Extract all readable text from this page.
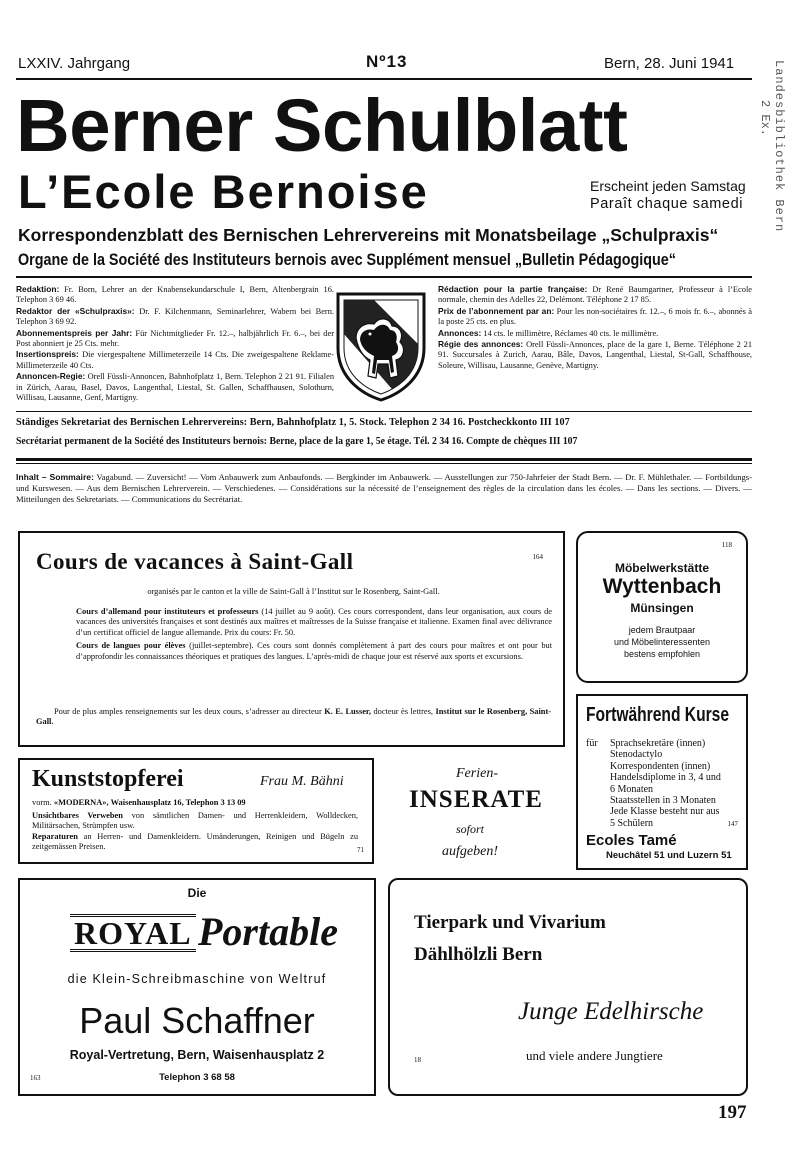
LXXIV. Jahrgang	Nº13	Bern, 28. Juni 1941
Berner Schulblatt
L’Ecole Bernoise	Erscheint jeden Samstag
Paraît chaque samedi
Korrespondenzblatt des Bernischen Lehrervereins mit Monatsbeilage „Schulpraxis“
Organe de la Société des Instituteurs bernois avec Supplément mensuel „Bulletin Pédagogique“
Landesbibliothek Bern
2 Ex.

Redaktion: Fr. Born, Lehrer an der Knabensekundarschule I, Bern, Altenbergrain 16. Telephon 3 69 46.

Redaktor der «Schulpraxis»: Dr. F. Kilchenmann, Seminarlehrer, Wabern bei Bern. Telephon 3 69 92.

Abonnementspreis per Jahr: Für Nichtmitglieder Fr. 12.–, halbjährlich Fr. 6.–, bei der Post abonniert je 25 Cts. mehr.

Insertionspreis: Die viergespaltene Millimeterzeile 14 Cts. Die zweigespaltene Reklame-Millimeterzeile 40 Cts.

Annoncen-Regie: Orell Füssli-Annoncen, Bahnhofplatz 1, Bern. Telephon 2 21 91. Filialen in Zürich, Aarau, Basel, Davos, Langenthal, Liestal, St. Gallen, Schaffhausen, Solothurn, Willisau, Lausanne, Genf, Martigny.

Rédaction pour la partie française: Dr René Baumgartner, Professeur à l’Ecole normale, chemin des Adelles 22, Delémont. Téléphone 2 17 85.

Prix de l’abonnement par an: Pour les non-sociétaires fr. 12.–, 6 mois fr. 6.–, abonnés à la poste 25 cts. en plus.

Annonces: 14 cts. le millimètre, Réclames 40 cts. le millimètre.

Régie des annonces: Orell Füssli-Annonces, place de la gare 1, Berne. Téléphone 2 21 91. Succursales à Zurich, Aarau, Bâle, Davos, Langenthal, Liestal, St-Gall, Schaffhouse, Soleure, Willisau, Lausanne, Genève, Martigny.

Ständiges Sekretariat des Bernischen Lehrervereins: Bern, Bahnhofplatz 1, 5. Stock. Telephon 2 34 16. Postcheckkonto III 107
Secrétariat permanent de la Société des Instituteurs bernois: Berne, place de la gare 1, 5e étage. Tél. 2 34 16. Compte de chèques III 107
Inhalt – Sommaire: Vagabund. — Zuversicht! — Vom Anbauwerk zum Anbaufonds. — Bergkinder im Anbauwerk. — Ausstellungen zur 750-Jahrfeier der Stadt Bern. — Dr. F. Mühlethaler. — Fortbildungs- und Kurswesen. — Aus dem Bernischen Lehrerverein. — Verschiedenes. — Considérations sur la nécessité de l’enseignement des règles de la circulation dans les écoles. — Dans les sections. — Divers. — Mitteilungen des Sekretariats. — Communications du Secrétariat.
164
Cours de vacances à Saint-Gall
organisés par le canton et la ville de Saint-Gall à l’Institut sur le Rosenberg, Saint-Gall.

Cours d’allemand pour instituteurs et professeurs (14 juillet au 9 août). Ces cours correspondent, dans leur organisation, aux cours de vacances des universités françaises et sont destinés aux maîtres et maîtresses de la Suisse française et italienne. Examen final avec délivrance d’un certificat officiel de langue allemande. Prix du cours: Fr. 50.

Cours de langues pour élèves (juillet-septembre). Ces cours sont donnés complètement à part des cours pour maîtres et ont pour but d’approfondir les connaissances théoriques et pratiques des langues. L’après-midi de chaque jour est réservé aux sports et excursions.

Pour de plus amples renseignements sur les deux cours, s’adresser au directeur K. E. Lusser, docteur ès lettres, Institut sur le Rosenberg, Saint-Gall.
118
Möbelwerkstätte
Wyttenbach
Münsingen
jedem Brautpaar
und Möbelinteressenten
bestens empfohlen
Fortwährend Kurse
für Sprachsekretäre (innen)
Stenodactylo
Korrespondenten (innen)
Handelsdiplome in 3, 4 und
6 Monaten
Staatsstellen in 3 Monaten
Jede Klasse besteht nur aus
5 Schülern	147
Ecoles Tamé
Neuchâtel 51 und Luzern 51
Kunststopferei	Frau M. Bähni
vorm. «MODERNA», Waisenhausplatz 16, Telephon 3 13 09

Unsichtbares Verweben von sämtlichen Damen- und Herrenkleidern, Wolldecken, Militärsachen, Strümpfen usw.

Reparaturen an Herren- und Damenkleidern. Umänderungen, Reinigen und Bügeln zu zeitgemässen Preisen.	71
Ferien-
INSERATE
sofort
aufgeben!
Die
ROYAL Portable
die Klein-Schreibmaschine von Weltruf
Paul Schaffner
Royal-Vertretung, Bern, Waisenhausplatz 2
163	Telephon 3 68 58
Tierpark und Vivarium
Dählhölzli Bern
Junge Edelhirsche
18	und viele andere Jungtiere
197
